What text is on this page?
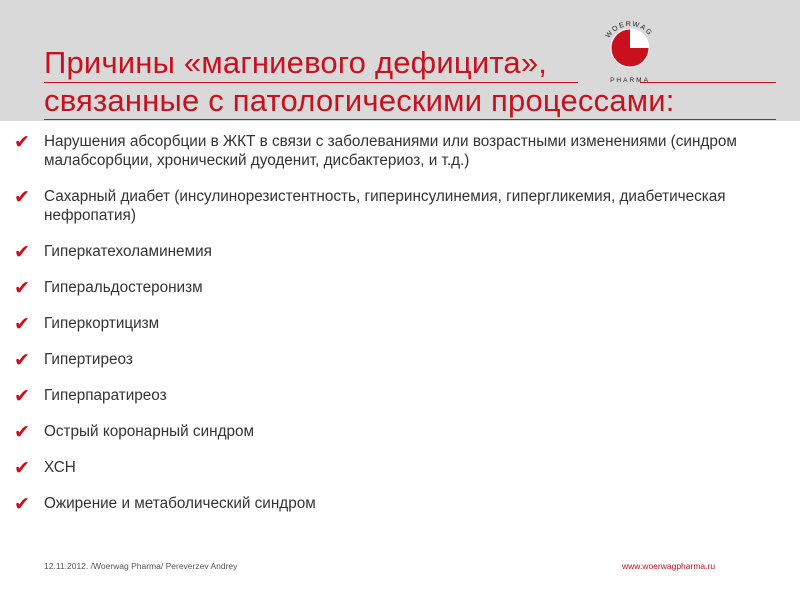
Причины «магниевого дефицита»,
связанные с патологическими процессами:
WOERWAG
PHARMA
✔ Нарушения абсорбции в ЖКТ в связи с заболеваниями или возрастными изменениями (синдром малабсорбции, хронический дуоденит, дисбактериоз, и т.д.)
✔ Сахарный диабет (инсулинорезистентность, гиперинсулинемия, гипергликемия, диабетическая нефропатия)
✔ Гиперкатехоламинемия
✔ Гиперальдостеронизм
✔ Гиперкортицизм
✔ Гипертиреоз
✔ Гиперпаратиреоз
✔ Острый коронарный синдром
✔ ХСН
✔ Ожирение и метаболический синдром
12.11.2012. /Woerwag Pharma/ Pereverzev Andrey	www.woerwagpharma.ru
